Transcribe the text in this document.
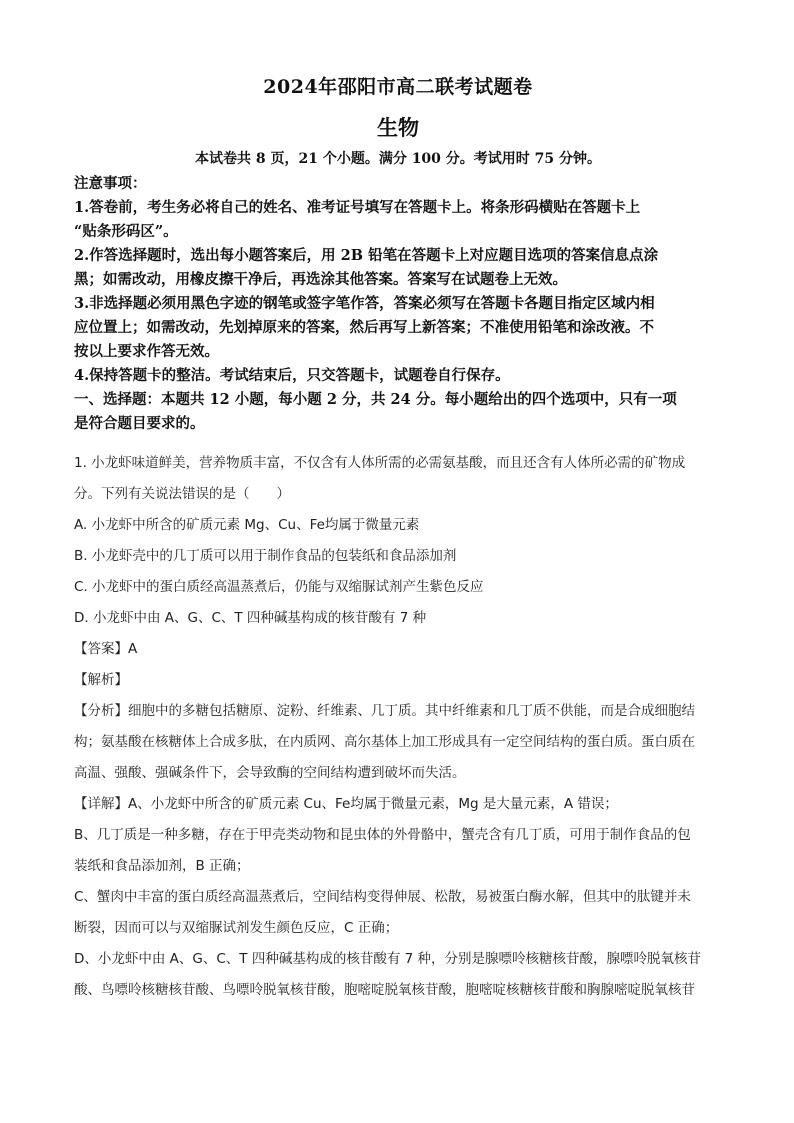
2024年邵阳市高二联考试题卷
生物
本试卷共 8 页，21 个小题。满分 100 分。考试用时 75 分钟。

注意事项：

1.答卷前，考生务必将自己的姓名、准考证号填写在答题卡上。将条形码横贴在答题卡上

“贴条形码区”。

2.作答选择题时，选出每小题答案后，用 2B 铅笔在答题卡上对应题目选项的答案信息点涂

黑；如需改动，用橡皮擦干净后，再选涂其他答案。答案写在试题卷上无效。

3.非选择题必须用黑色字迹的钢笔或签字笔作答，答案必须写在答题卡各题目指定区域内相

应位置上；如需改动，先划掉原来的答案，然后再写上新答案；不准使用铅笔和涂改液。不

按以上要求作答无效。

4.保持答题卡的整洁。考试结束后，只交答题卡，试题卷自行保存。

一、选择题：本题共 12 小题，每小题 2 分，共 24 分。每小题给出的四个选项中，只有一项

是符合题目要求的。

1. 小龙虾味道鲜美，营养物质丰富，不仅含有人体所需的必需氨基酸，而且还含有人体所必需的矿物成

分。下列有关说法错误的是（　　）

A. 小龙虾中所含的矿质元素 Mg、Cu、Fe均属于微量元素

B. 小龙虾壳中的几丁质可以用于制作食品的包装纸和食品添加剂

C. 小龙虾中的蛋白质经高温蒸煮后，仍能与双缩脲试剂产生紫色反应

D. 小龙虾中由 A、G、C、T 四种碱基构成的核苷酸有 7 种

【答案】A

【解析】

【分析】细胞中的多糖包括糖原、淀粉、纤维素、几丁质。其中纤维素和几丁质不供能，而是合成细胞结

构；氨基酸在核糖体上合成多肽，在内质网、高尔基体上加工形成具有一定空间结构的蛋白质。蛋白质在

高温、强酸、强碱条件下，会导致酶的空间结构遭到破坏而失活。

【详解】A、小龙虾中所含的矿质元素 Cu、Fe均属于微量元素，Mg 是大量元素，A 错误；

B、几丁质是一种多糖，存在于甲壳类动物和昆虫体的外骨骼中，蟹壳含有几丁质，可用于制作食品的包

装纸和食品添加剂，B 正确；

C、蟹肉中丰富的蛋白质经高温蒸煮后，空间结构变得伸展、松散，易被蛋白酶水解，但其中的肽键并未

断裂，因而可以与双缩脲试剂发生颜色反应，C 正确；

D、小龙虾中由 A、G、C、T 四种碱基构成的核苷酸有 7 种，分别是腺嘌呤核糖核苷酸，腺嘌呤脱氧核苷

酸、鸟嘌呤核糖核苷酸、鸟嘌呤脱氧核苷酸，胞嘧啶脱氧核苷酸，胞嘧啶核糖核苷酸和胸腺嘧啶脱氧核苷
